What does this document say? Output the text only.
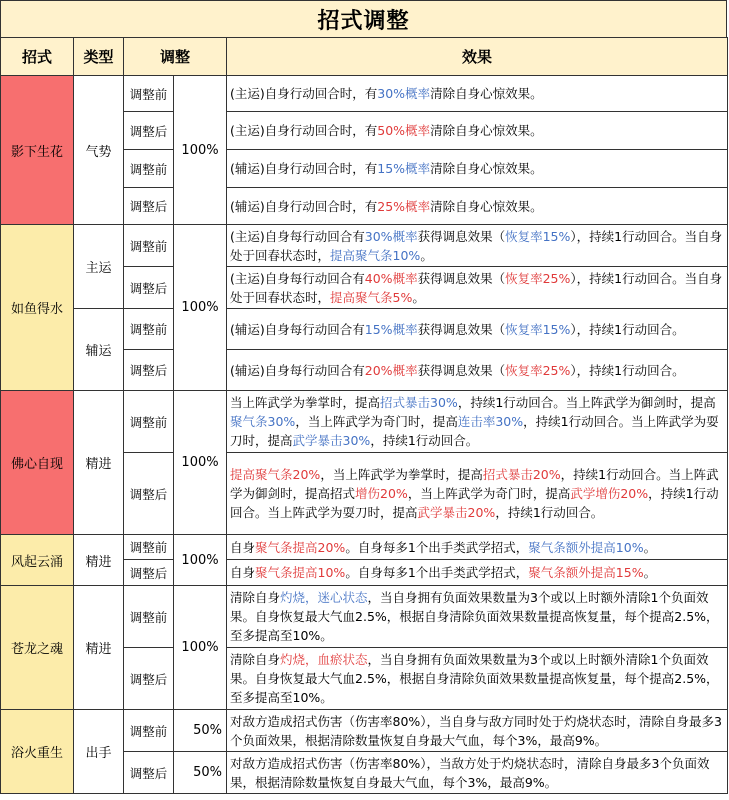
招式调整
招式	类型	调整		效果
影下生花	气势	调整前	100%	(主运)自身行动回合时，有30%概率清除自身心惊效果。
		调整后		(主运)自身行动回合时，有50%概率清除自身心惊效果。
		调整前		(辅运)自身行动回合时，有15%概率清除自身心惊效果。
		调整后		(辅运)自身行动回合时，有25%概率清除自身心惊效果。
如鱼得水	主运	调整前	100%	(主运)自身每行动回合有30%概率获得调息效果（恢复率15%），持续1行动回合。当自身处于回春状态时，提高聚气条10%。
		调整后		(主运)自身每行动回合有40%概率获得调息效果（恢复率25%），持续1行动回合。当自身处于回春状态时，提高聚气条5%。
	辅运	调整前		(辅运)自身每行动回合有15%概率获得调息效果（恢复率15%），持续1行动回合。
		调整后		(辅运)自身每行动回合有20%概率获得调息效果（恢复率25%），持续1行动回合。
佛心自现	精进	调整前	100%	当上阵武学为拳掌时，提高招式暴击30%，持续1行动回合。当上阵武学为御剑时，提高聚气条30%，当上阵武学为奇门时，提高连击率30%，持续1行动回合。当上阵武学为耍刀时，提高武学暴击30%，持续1行动回合。
		调整后		提高聚气条20%，当上阵武学为拳掌时，提高招式暴击20%，持续1行动回合。当上阵武学为御剑时，提高招式增伤20%，当上阵武学为奇门时，提高武学增伤20%，持续1行动回合。当上阵武学为耍刀时，提高武学暴击20%，持续1行动回合。
风起云涌	精进	调整前	100%	自身聚气条提高20%。自身每多1个出手类武学招式，聚气条额外提高10%。
		调整后		自身聚气条提高10%。自身每多1个出手类武学招式，聚气条额外提高15%。
苍龙之魂	精进	调整前	100%	清除自身灼烧，迷心状态，当自身拥有负面效果数量为3个或以上时额外清除1个负面效果。自身恢复最大气血2.5%，根据自身清除负面效果数量提高恢复量，每个提高2.5%，至多提高至10%。
		调整后		清除自身灼烧，血瘀状态，当自身拥有负面效果数量为3个或以上时额外清除1个负面效果。自身恢复最大气血2.5%，根据自身清除负面效果数量提高恢复量，每个提高2.5%，至多提高至10%。
浴火重生	出手	调整前	50%	对敌方造成招式伤害（伤害率80%），当自身与敌方同时处于灼烧状态时，清除自身最多3个负面效果，根据清除数量恢复自身最大气血，每个3%，最高9%。
		调整后	50%	对敌方造成招式伤害（伤害率80%），当敌方处于灼烧状态时，清除自身最多3个负面效果，根据清除数量恢复自身最大气血，每个3%，最高9%。
